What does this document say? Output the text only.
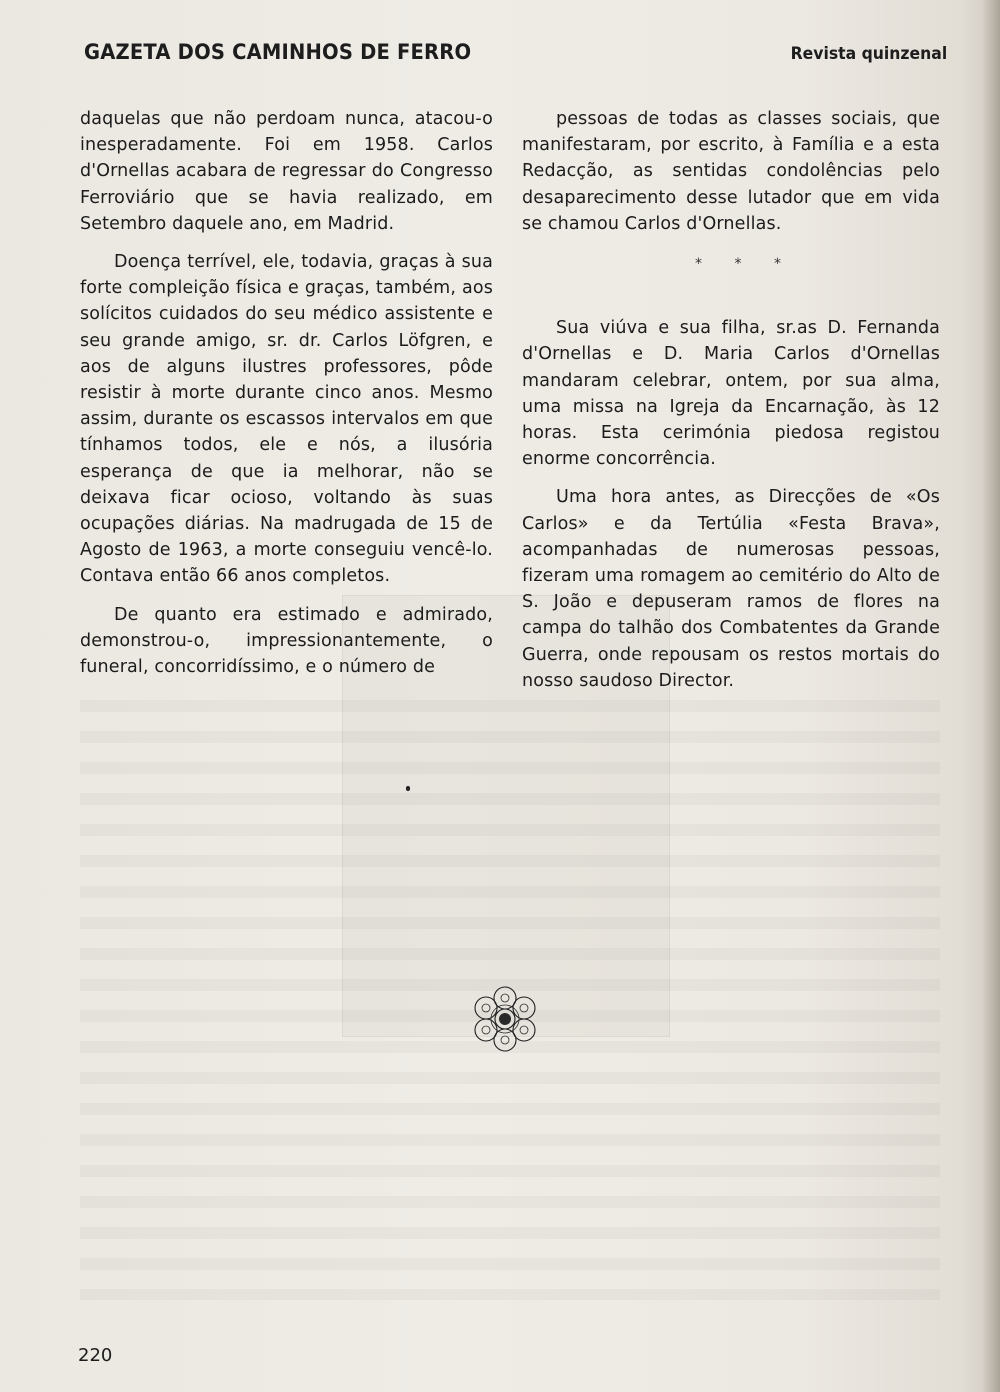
GAZETA DOS CAMINHOS DE FERRO	Revista quinzenal

daquelas que não perdoam nunca, atacou-o inesperadamente. Foi em 1958. Carlos d'Ornellas acabara de regressar do Congresso Ferroviário que se havia realizado, em Setembro daquele ano, em Madrid.

Doença terrível, ele, todavia, graças à sua forte compleição física e graças, também, aos solícitos cuidados do seu médico assistente e seu grande amigo, sr. dr. Carlos Löfgren, e aos de alguns ilustres professores, pôde resistir à morte durante cinco anos. Mesmo assim, durante os escassos intervalos em que tínhamos todos, ele e nós, a ilusória esperança de que ia melhorar, não se deixava ficar ocioso, voltando às suas ocupações diárias. Na madrugada de 15 de Agosto de 1963, a morte conseguiu vencê-lo. Contava então 66 anos completos.

De quanto era estimado e admirado, demonstrou-o, impressionantemente, o funeral, concorridíssimo, e o número de

pessoas de todas as classes sociais, que manifestaram, por escrito, à Família e a esta Redacção, as sentidas condolências pelo desaparecimento desse lutador que em vida se chamou Carlos d'Ornellas.

* * *

Sua viúva e sua filha, sr.as D. Fernanda d'Ornellas e D. Maria Carlos d'Ornellas mandaram celebrar, ontem, por sua alma, uma missa na Igreja da Encarnação, às 12 horas. Esta cerimónia piedosa registou enorme concorrência.

Uma hora antes, as Direcções de «Os Carlos» e da Tertúlia «Festa Brava», acompanhadas de numerosas pessoas, fizeram uma romagem ao cemitério do Alto de S. João e depuseram ramos de flores na campa do talhão dos Combatentes da Grande Guerra, onde repousam os restos mortais do nosso saudoso Director.

220
